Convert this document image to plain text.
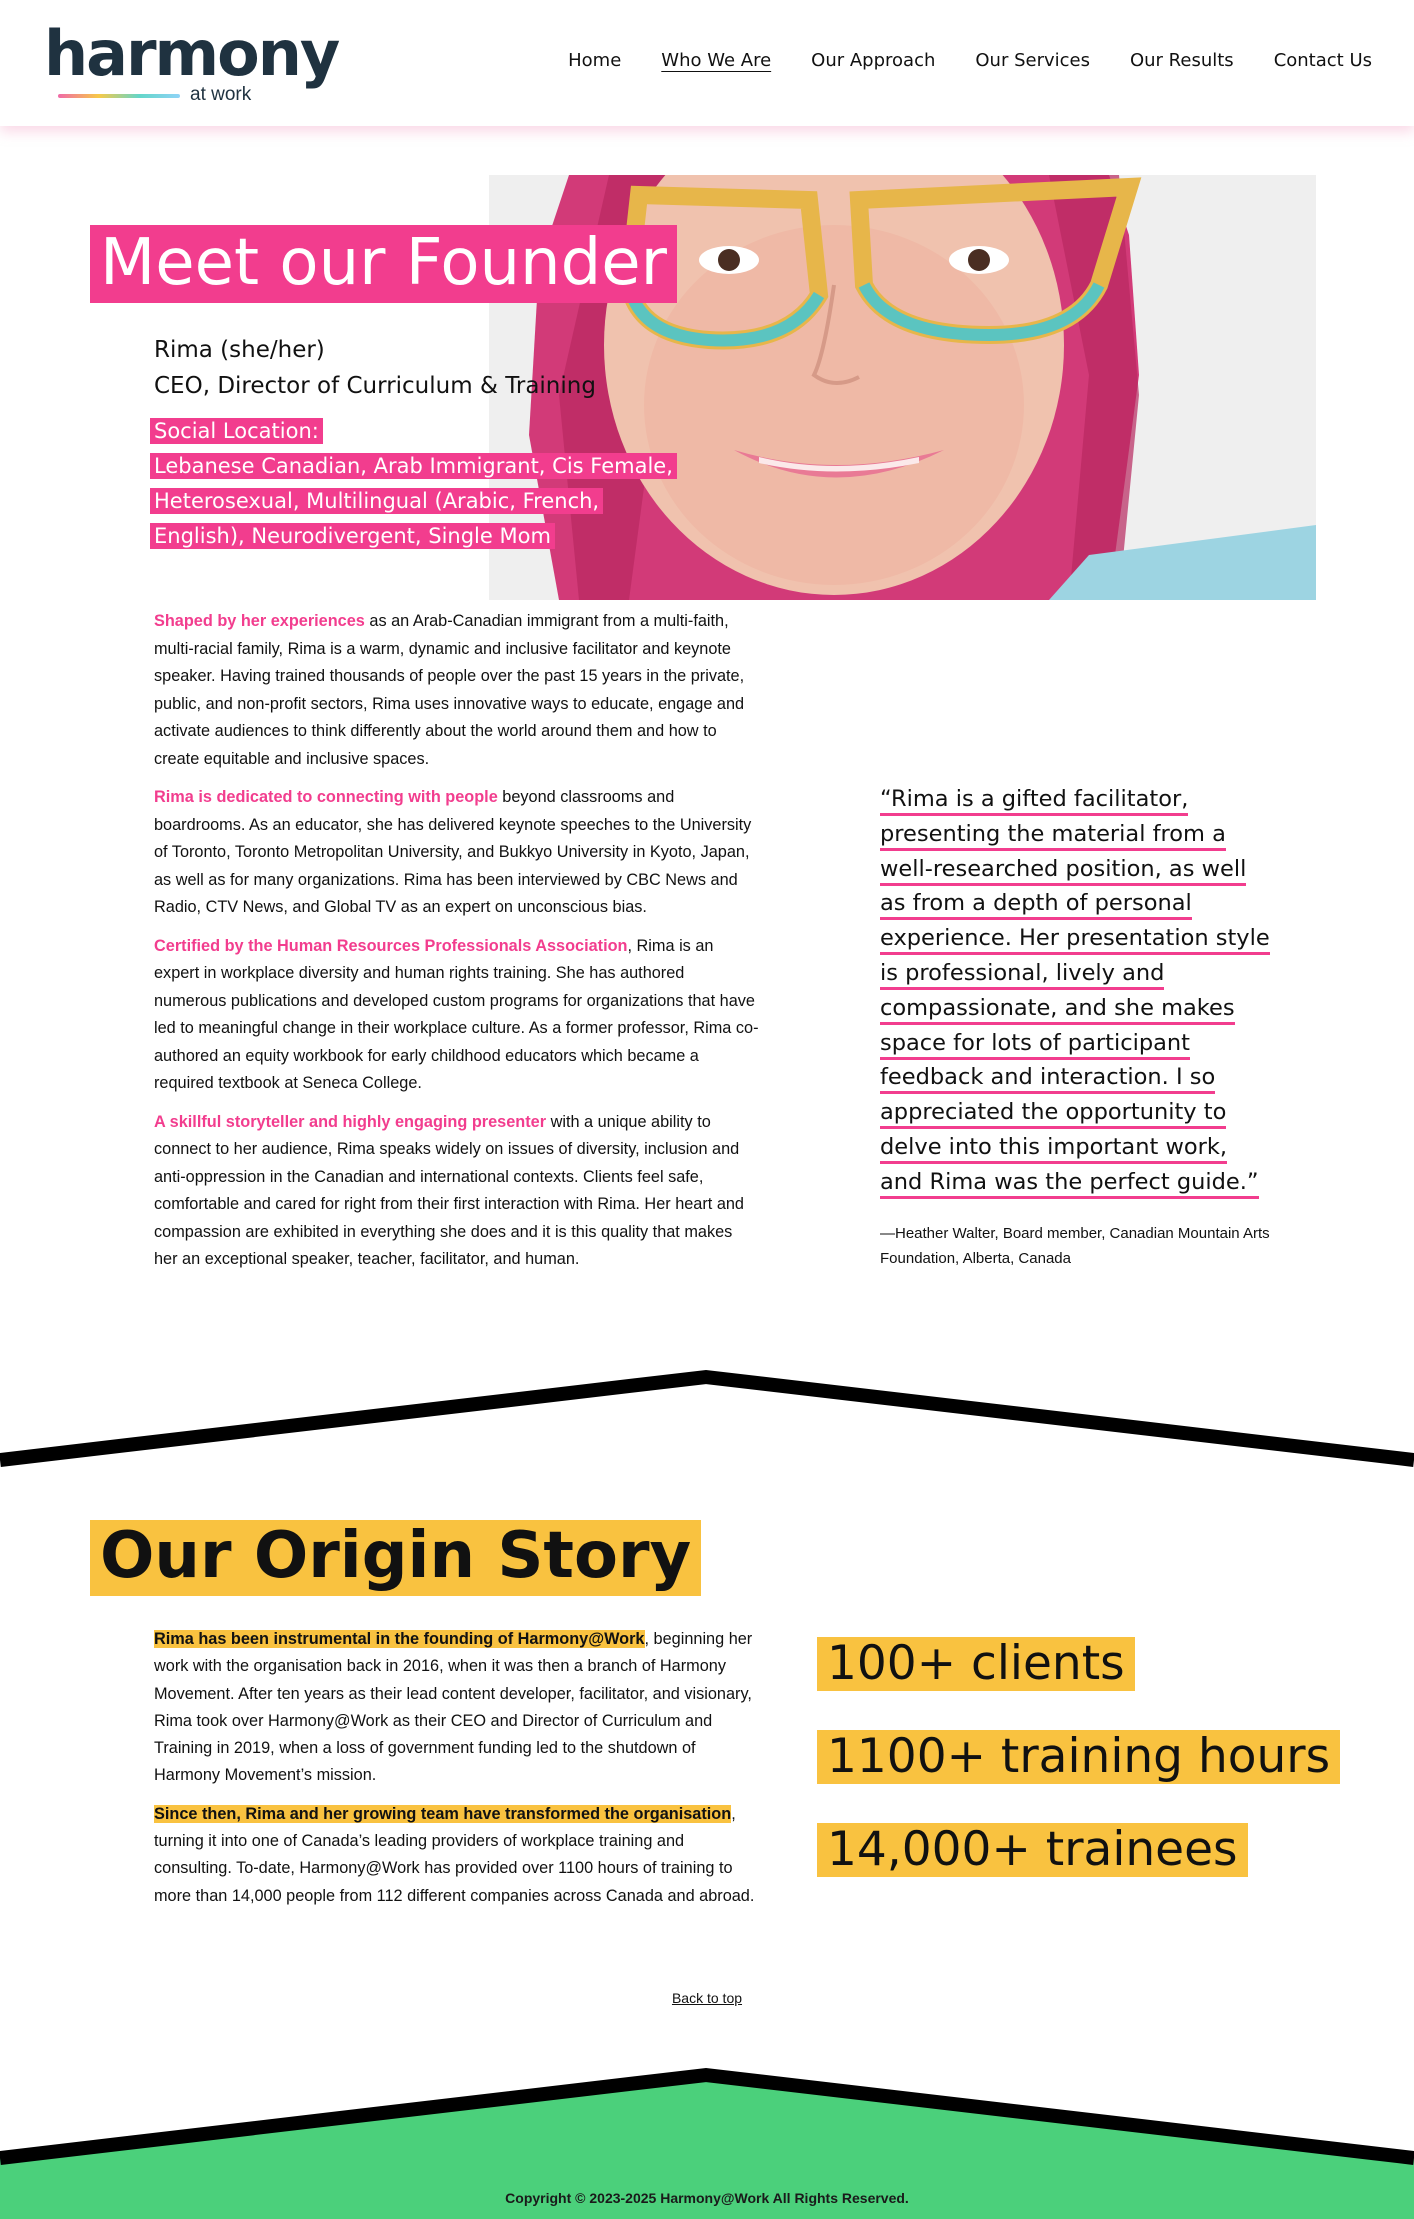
harmony
at work
Home Who We Are Our Approach Our Services Our Results Contact Us
Meet our Founder
Rima (she/her)
CEO, Director of Curriculum & Training
Social Location:
Lebanese Canadian, Arab Immigrant, Cis Female,
Heterosexual, Multilingual (Arabic, French,
English), Neurodivergent, Single Mom

Shaped by her experiences as an Arab-Canadian immigrant from a multi-faith, multi-racial family, Rima is a warm, dynamic and inclusive facilitator and keynote speaker. Having trained thousands of people over the past 15 years in the private, public, and non-profit sectors, Rima uses innovative ways to educate, engage and activate audiences to think differently about the world around them and how to create equitable and inclusive spaces.

Rima is dedicated to connecting with people beyond classrooms and boardrooms. As an educator, she has delivered keynote speeches to the University of Toronto, Toronto Metropolitan University, and Bukkyo University in Kyoto, Japan, as well as for many organizations. Rima has been interviewed by CBC News and Radio, CTV News, and Global TV as an expert on unconscious bias.

Certified by the Human Resources Professionals Association, Rima is an expert in workplace diversity and human rights training. She has authored numerous publications and developed custom programs for organizations that have led to meaningful change in their workplace culture. As a former professor, Rima co-authored an equity workbook for early childhood educators which became a required textbook at Seneca College.

A skillful storyteller and highly engaging presenter with a unique ability to connect to her audience, Rima speaks widely on issues of diversity, inclusion and anti-oppression in the Canadian and international contexts. Clients feel safe, comfortable and cared for right from their first interaction with Rima. Her heart and compassion are exhibited in everything she does and it is this quality that makes her an exceptional speaker, teacher, facilitator, and human.

“Rima is a gifted facilitator,
presenting the material from a
well-researched position, as well
as from a depth of personal
experience. Her presentation style
is professional, lively and
compassionate, and she makes
space for lots of participant
feedback and interaction. I so
appreciated the opportunity to
delve into this important work,
and Rima was the perfect guide.”
—Heather Walter, Board member, Canadian Mountain Arts Foundation, Alberta, Canada
Our Origin Story

Rima has been instrumental in the founding of Harmony@Work, beginning her work with the organisation back in 2016, when it was then a branch of Harmony Movement. After ten years as their lead content developer, facilitator, and visionary, Rima took over Harmony@Work as their CEO and Director of Curriculum and Training in 2019, when a loss of government funding led to the shutdown of Harmony Movement’s mission.

Since then, Rima and her growing team have transformed the organisation, turning it into one of Canada’s leading providers of workplace training and consulting. To-date, Harmony@Work has provided over 1100 hours of training to more than 14,000 people from 112 different companies across Canada and abroad.

100+ clients
1100+ training hours
14,000+ trainees
Back to top
Copyright © 2023-2025 Harmony@Work All Rights Reserved.
